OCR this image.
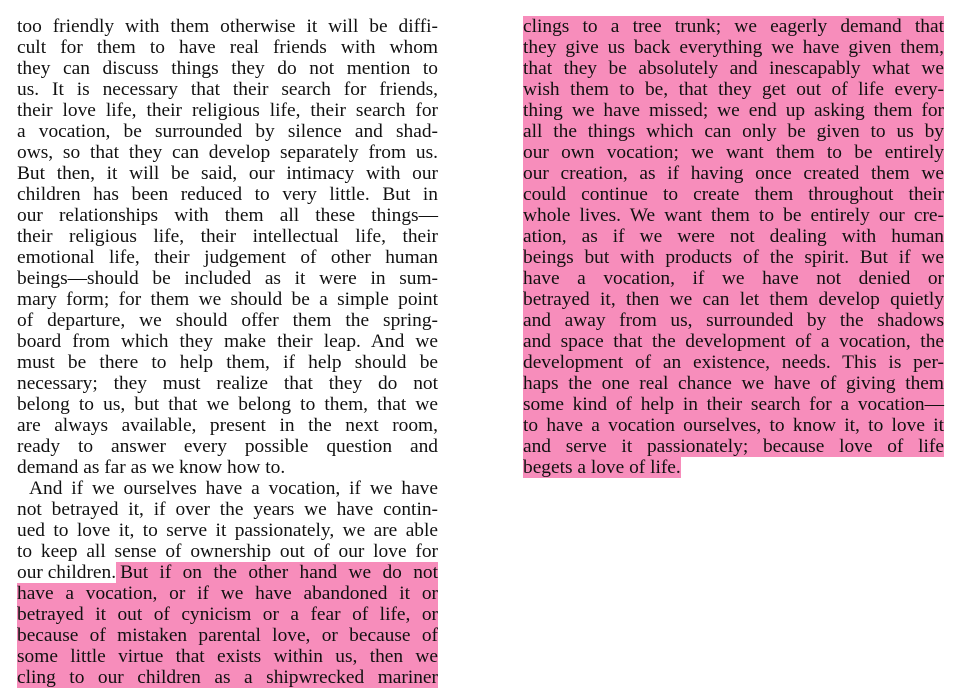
too friendly with them otherwise it will be diffi-
cult for them to have real friends with whom
they can discuss things they do not mention to
us. It is necessary that their search for friends,
their love life, their religious life, their search for
a vocation, be surrounded by silence and shad-
ows, so that they can develop separately from us.
But then, it will be said, our intimacy with our
children has been reduced to very little. But in
our relationships with them all these things—
their religious life, their intellectual life, their
emotional life, their judgement of other human
beings—should be included as it were in sum-
mary form; for them we should be a simple point
of departure, we should offer them the spring-
board from which they make their leap. And we
must be there to help them, if help should be
necessary; they must realize that they do not
belong to us, but that we belong to them, that we
are always available, present in the next room,
ready to answer every possible question and
demand as far as we know how to.
And if we ourselves have a vocation, if we have
not betrayed it, if over the years we have contin-
ued to love it, to serve it passionately, we are able
to keep all sense of ownership out of our love for
our children. But if on the other hand we do not
have a vocation, or if we have abandoned it or
betrayed it out of cynicism or a fear of life, or
because of mistaken parental love, or because of
some little virtue that exists within us, then we
cling to our children as a shipwrecked mariner
clings to a tree trunk; we eagerly demand that
they give us back everything we have given them,
that they be absolutely and inescapably what we
wish them to be, that they get out of life every-
thing we have missed; we end up asking them for
all the things which can only be given to us by
our own vocation; we want them to be entirely
our creation, as if having once created them we
could continue to create them throughout their
whole lives. We want them to be entirely our cre-
ation, as if we were not dealing with human
beings but with products of the spirit. But if we
have a vocation, if we have not denied or
betrayed it, then we can let them develop quietly
and away from us, surrounded by the shadows
and space that the development of a vocation, the
development of an existence, needs. This is per-
haps the one real chance we have of giving them
some kind of help in their search for a vocation—
to have a vocation ourselves, to know it, to love it
and serve it passionately; because love of life
begets a love of life.
